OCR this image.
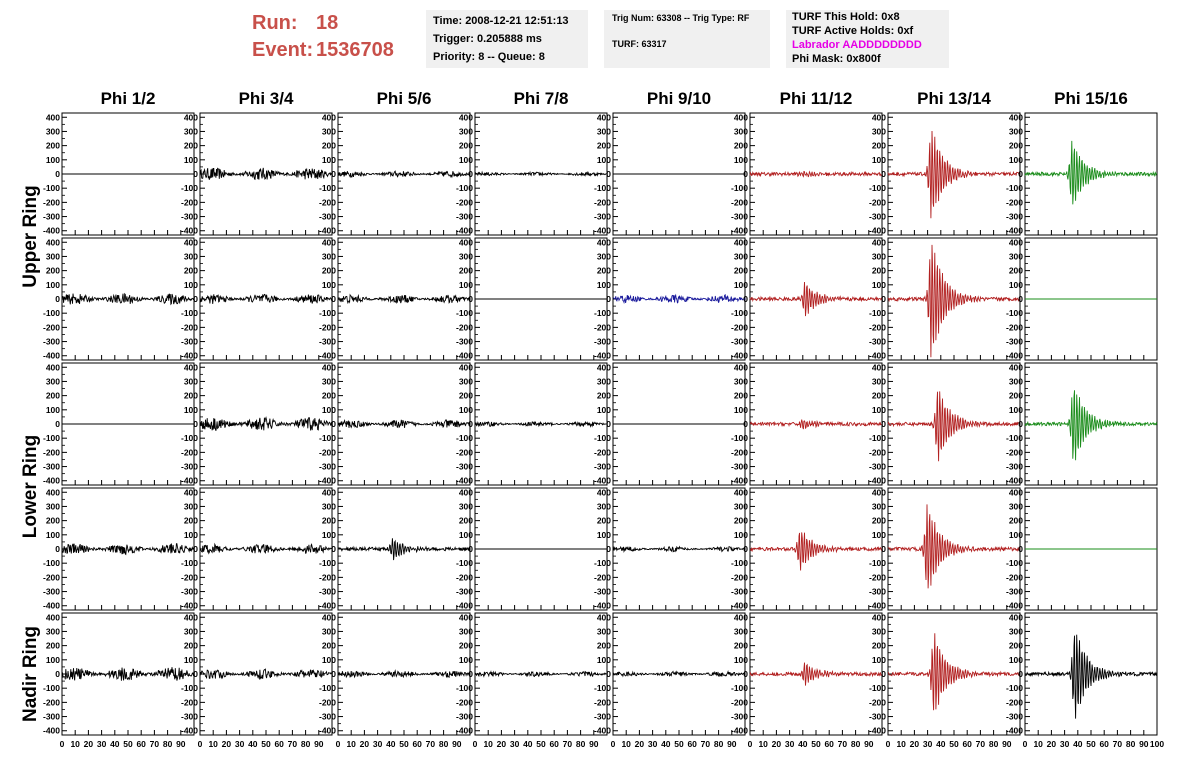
Run: 18
Event: 1536708
Time: 2008-12-21 12:51:13
Trigger: 0.205888 ms
Priority: 8 -- Queue: 8
Trig Num: 63308 -- Trig Type: RF
TURF: 63317
TURF This Hold: 0x8
TURF Active Holds: 0xf
Labrador AADDDDDDDD
Phi Mask: 0x800f
Phi 1/2	Phi 3/4	Phi 5/6	Phi 7/8	Phi 9/10	Phi 11/12	Phi 13/14	Phi 15/16
Upper Ring
Lower Ring
Nadir Ring
400
300
200
100
0
-100
-200
-300
-400
400
300
200
100
0
-100
-200
-300
-400
400
300
200
100
0
-100
-200
-300
-400
400
300
200
100
0
-100
-200
-300
-400
400
300
200
100
0
-100
-200
-300
-400
400
300
200
100
0
-100
-200
-300
-400
400
300
200
100
0
-100
-200
-300
-400
400
300
200
100
0
-100
-200
-300
-400
400
300
200
100
0
-100
-200
-300
-400
400
300
200
100
0
-100
-200
-300
-400
400
300
200
100
0
-100
-200
-300
-400
400
300
200
100
0
-100
-200
-300
-400
400
300
200
100
0
-100
-200
-300
-400
400
300
200
100
0
-100
-200
-300
-400
400
300
200
100
0
-100
-200
-300
-400
400
300
200
100
0
-100
-200
-300
-400
400
300
200
100
0
-100
-200
-300
-400
400
300
200
100
0
-100
-200
-300
-400
400
300
200
100
0
-100
-200
-300
-400
400
300
200
100
0
-100
-200
-300
-400
400
300
200
100
0
-100
-200
-300
-400
400
300
200
100
0
-100
-200
-300
-400
400
300
200
100
0
-100
-200
-300
-400
400
300
200
100
0
-100
-200
-300
-400
400
300
200
100
0
-100
-200
-300
-400
400
300
200
100
0
-100
-200
-300
-400
400
300
200
100
0
-100
-200
-300
-400
400
300
200
100
0
-100
-200
-300
-400
400
300
200
100
0
-100
-200
-300
-400
400
300
200
100
0
-100
-200
-300
-400
400
300
200
100
0
-100
-200
-300
-400
400
300
200
100
0
-100
-200
-300
-400
400
300
200
100
0
-100
-200
-300
-400
400
300
200
100
0
-100
-200
-300
-400
400
300
200
100
0
-100
-200
-300
-400
400
300
200
100
0
-100
-200
-300
-400
400
300
200
100
0
-100
-200
-300
-400
400
300
200
100
0
-100
-200
-300
-400
400
300
200
100
0
-100
-200
-300
-400
400
300
200
100
0
-100
-200
-300
-400
0 10 20 30 40 50 60 70 80 90 0 10 20 30 40 50 60 70 80 90 0 10 20 30 40 50 60 70 80 90 0 10 20 30 40 50 60 70 80 90 0 10 20 30 40 50 60 70 80 90 0 10 20 30 40 50 60 70 80 90 0 10 20 30 40 50 60 70 80 90 0 10 20 30 40 50 60 70 80 90 100
